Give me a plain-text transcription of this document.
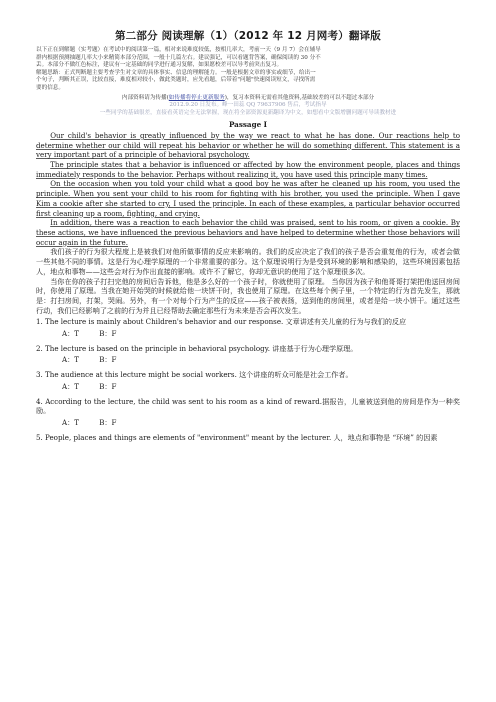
第二部分 阅读理解（1）（2012 年 12 月网考）翻译版

以下正在到解题（实考题）在考试中的阅读第一篇，相对来说难度较低，按相几率大，考前一天（9 月 7）会在辅导

群内根据预测抽题几率大小来精简本部分范围，一般十几篇左右。建议强记，可以看题背答案，确保阅读的 30 分不

丢。本部分不做红色标注，建议有一定基础的同学进行通习复解，如果愿校差可以导考前突击复习。

解题思路：正式判断题主要考查学生对文章的具体事实、信息的理解能力。一般是根据文章的事实或细节，给出一

个句子，判断其正误，比较直接，难度相对较小，做此类题时，应先看题，后带着"问题"快速阅读短文，寻找所需

要的信息。

内部资料请为传播(如传播将停止更新服务)，复习本资料无需看其他资料,基础较差的可以不超过本部分

2012.9.20 日发布。峰一田蕊 QQ 79637906 售后，考试指导

一些同学的基础很差，直接看英语完全无法掌握，现在将全部资源更新翻译为中文，如想看中文版增删问题可导读教材进

Passage I

Our child's behavior is greatly influenced by the way we react to what he has done. Our reactions help to determine whether our child will repeat his behavior or whether he will do something different. This statement is a very important part of a principle of behavioral psychology.

The principle states that a behavior is influenced or affected by how the environment people, places and things immediately responds to the behavior. Perhaps without realizing it, you have used this principle many times.

On the occasion when you told your child what a good boy he was after he cleaned up his room, you used the principle. When you sent your child to his room for fighting with his brother, you used the principle. When I gave Kim a cookie after she started to cry, I used the principle. In each of these examples, a particular behavior occurred first cleaning up a room, fighting, and crying.

In addition, there was a reaction to each behavior the child was praised, sent to his room, or given a cookie. By these actions, we have influenced the previous behaviors and have helped to determine whether those behaviors will occur again in the future.

我们孩子的行为很大程度上是被我们对他所做事情的反应来影响的。我们的反应决定了我们的孩子是否会重复他的行为，或者会做一些其他不同的事情。这是行为心理学原理的一个非常重要的部分。这个原理说明行为是受到环境的影响和感染的，这些环境因素包括人，地点和事物——这些会对行为作出直接的影响。或许不了解它，你却无意识的使用了这个原理很多次。

当你在你的孩子打扫完他的房间后告诉他，他是多么好的一个孩子时，你就使用了原理。 当你因为孩子和他哥哥打架把他送回房间时，你使用了原理。当我在她开始哭的时候就给他一块饼干时，我也使用了原理。在这些每个例子里，一个特定的行为首先发生，那就是：打扫房间，打架，哭闹。另外，有一个对每个行为产生的反应——孩子被表扬，送到他的房间里，或者是给一块小饼干。通过这些行动，我们已经影响了之前的行为并且已经帮助去确定那些行为未来是否会再次发生。

1. The lecture is mainly about Children's behavior and our response. 文章讲述有关儿童的行为与我们的反应

A：T	B：F

2. The lecture is based on the principle in behavioral psychology. 讲座基于行为心理学原理。

A：T	B：F

3. The audience at this lecture might be social workers. 这个讲座的听众可能是社会工作者。

A：T	B：F

4. According to the lecture, the child was sent to his room as a kind of reward.据报告，儿童被送到他的房间是作为一种奖励。

A：T	B：F

5. People, places and things are elements of "environment" meant by the lecturer. 人，地点和事物是 “环境” 的因素
